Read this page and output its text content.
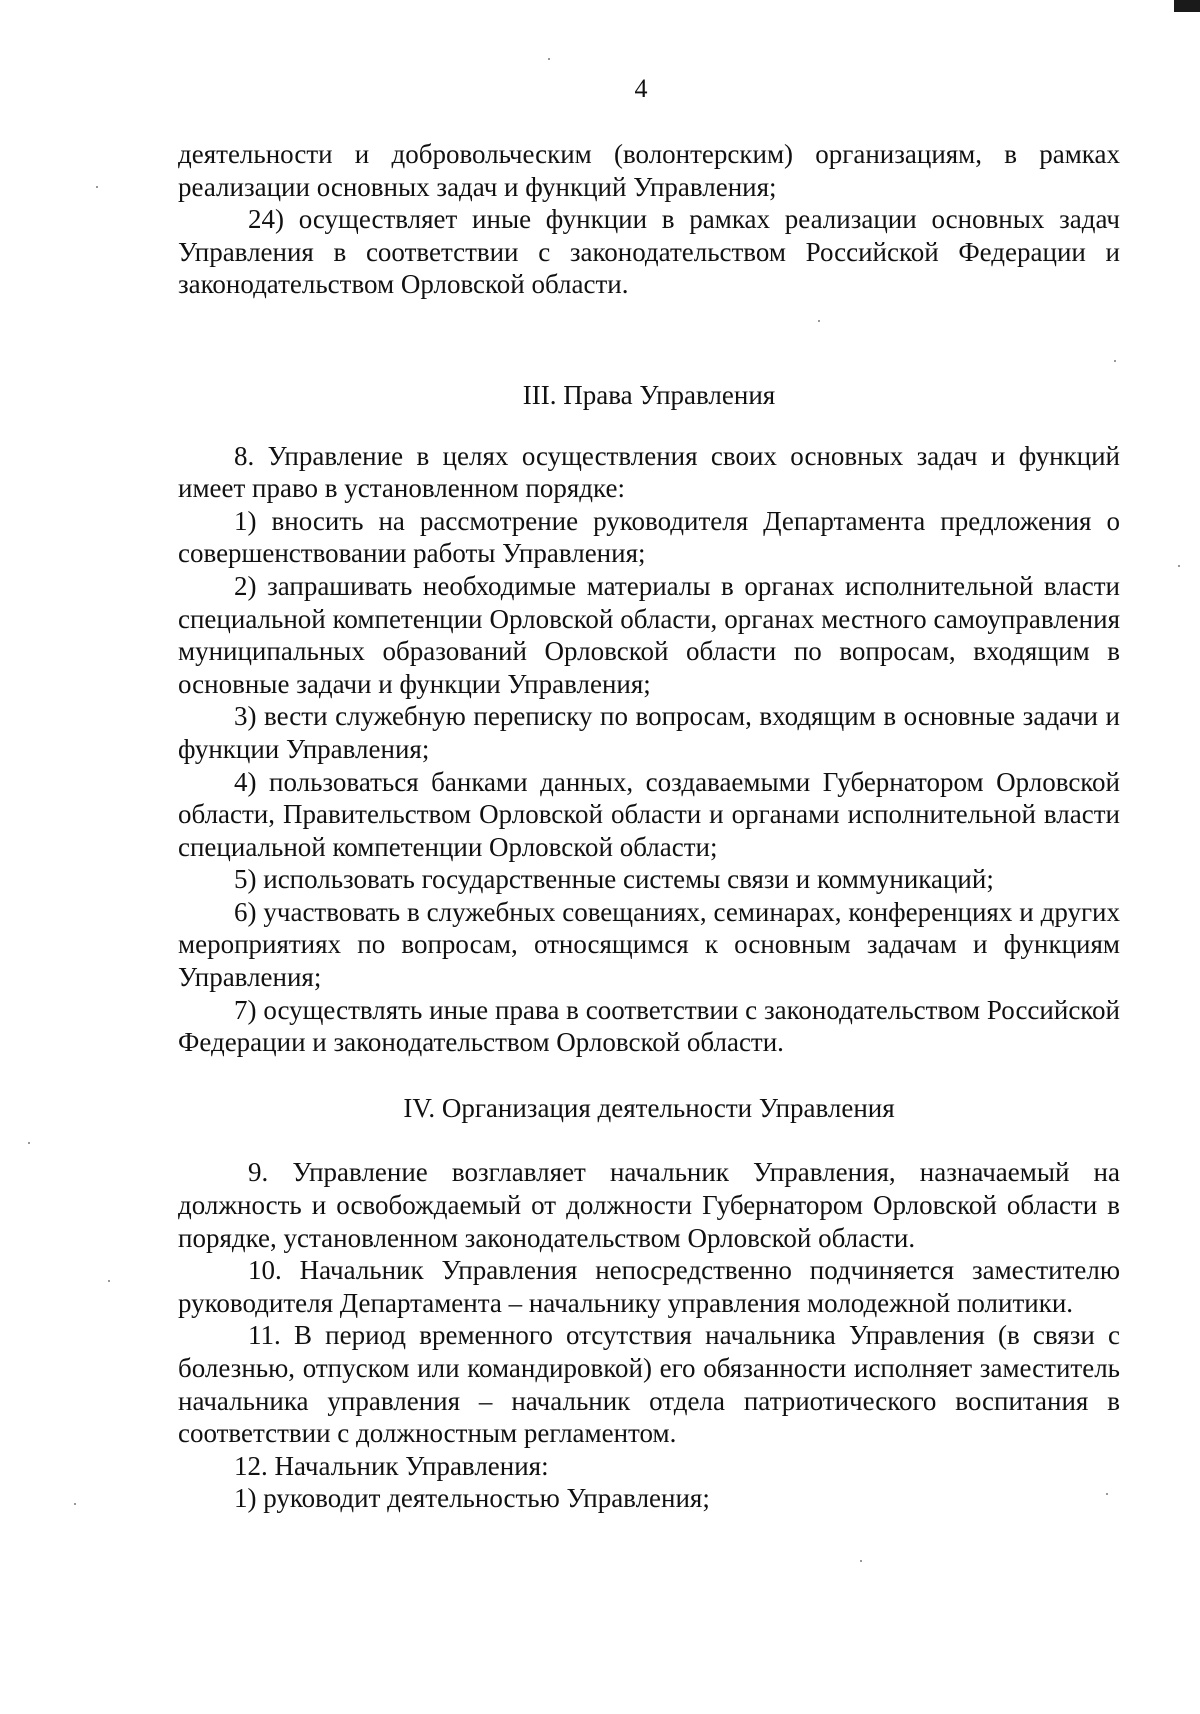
4

деятельности и добровольческим (волонтерским) организациям, в рамках реализации основных задач и функций Управления;

24) осуществляет иные функции в рамках реализации основных задач Управления в соответствии с законодательством Российской Федерации и законодательством Орловской области.

III. Права Управления

8. Управление в целях осуществления своих основных задач и функций имеет право в установленном порядке:

1) вносить на рассмотрение руководителя Департамента предложения о совершенствовании работы Управления;

2) запрашивать необходимые материалы в органах исполнительной власти специальной компетенции Орловской области, органах местного самоуправления муниципальных образований Орловской области по вопросам, входящим в основные задачи и функции Управления;

3) вести служебную переписку по вопросам, входящим в основные задачи и функции Управления;

4) пользоваться банками данных, создаваемыми Губернатором Орловской области, Правительством Орловской области и органами исполнительной власти специальной компетенции Орловской области;

5) использовать государственные системы связи и коммуникаций;

6) участвовать в служебных совещаниях, семинарах, конференциях и других мероприятиях по вопросам, относящимся к основным задачам и функциям Управления;

7) осуществлять иные права в соответствии с законодательством Российской Федерации и законодательством Орловской области.

IV. Организация деятельности Управления

9. Управление возглавляет начальник Управления, назначаемый на должность и освобождаемый от должности Губернатором Орловской области в порядке, установленном законодательством Орловской области.

10. Начальник Управления непосредственно подчиняется заместителю руководителя Департамента – начальнику управления молодежной политики.

11. В период временного отсутствия начальника Управления (в связи с болезнью, отпуском или командировкой) его обязанности исполняет заместитель начальника управления – начальник отдела патриотического воспитания в соответствии с должностным регламентом.

12. Начальник Управления:

1) руководит деятельностью Управления;
